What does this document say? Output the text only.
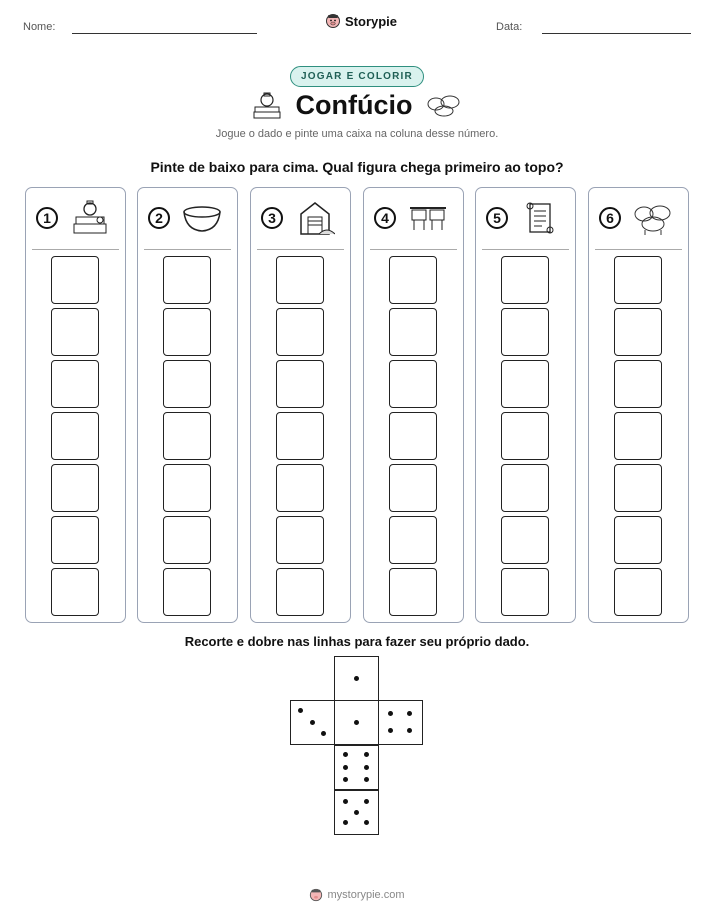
Nome:	Storypie	Data:
JOGAR E COLORIR
Confúcio
Jogue o dado e pinte uma caixa na coluna desse número.
Pinte de baixo para cima. Qual figura chega primeiro ao topo?
1	2	3	4	5	6
Recorte e dobre nas linhas para fazer seu próprio dado.
mystorypie.com
